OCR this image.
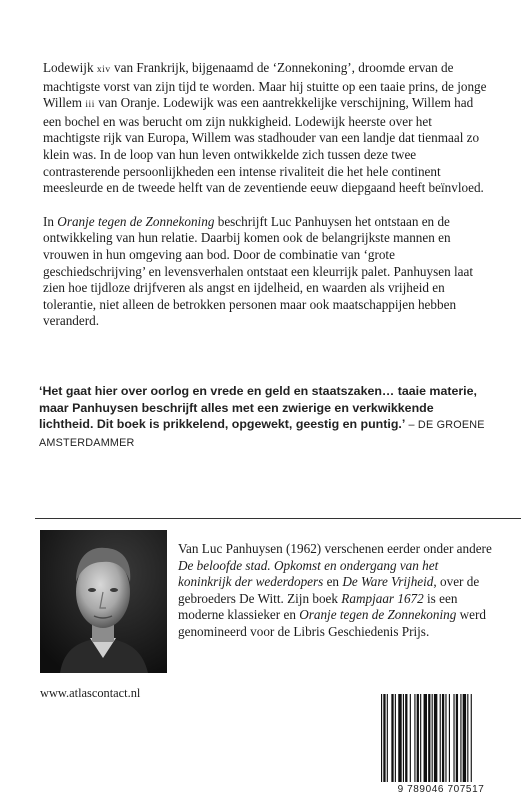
Lodewijk xiv van Frankrijk, bijgenaamd de ‘Zonnekoning’, droomde ervan de machtigste vorst van zijn tijd te worden. Maar hij stuitte op een taaie prins, de jonge Willem iii van Oranje. Lodewijk was een aantrekkelijke verschijning, Willem had een bochel en was berucht om zijn nukkigheid. Lodewijk heerste over het machtigste rijk van Europa, Willem was stadhouder van een landje dat tienmaal zo klein was. In de loop van hun leven ontwikkelde zich tussen deze twee contrasterende persoonlijkheden een intense rivaliteit die het hele continent meesleurde en de tweede helft van de zeventiende eeuw diepgaand heeft beïnvloed.

In Oranje tegen de Zonnekoning beschrijft Luc Panhuysen het ontstaan en de ontwikkeling van hun relatie. Daarbij komen ook de belangrijkste mannen en vrouwen in hun omgeving aan bod. Door de combinatie van ‘grote geschiedschrijving’ en levensverhalen ontstaat een kleurrijk palet. Panhuysen laat zien hoe tijdloze drijfveren als angst en ijdelheid, en waarden als vrijheid en tolerantie, niet alleen de betrokken personen maar ook maatschappijen hebben veranderd.

‘Het gaat hier over oorlog en vrede en geld en staatszaken… taaie materie, maar Panhuysen beschrijft alles met een zwierige en verkwikkende lichtheid. Dit boek is prikkelend, opgewekt, geestig en puntig.’ – DE GROENE AMSTERDAMMER

Van Luc Panhuysen (1962) verschenen eerder onder andere De beloofde stad. Opkomst en ondergang van het koninkrijk der wederdopers en De Ware Vrijheid, over de gebroeders De Witt. Zijn boek Rampjaar 1672 is een moderne klassieker en Oranje tegen de Zonnekoning werd genomineerd voor de Libris Geschiedenis Prijs.

www.atlascontact.nl

9 789046 707517
